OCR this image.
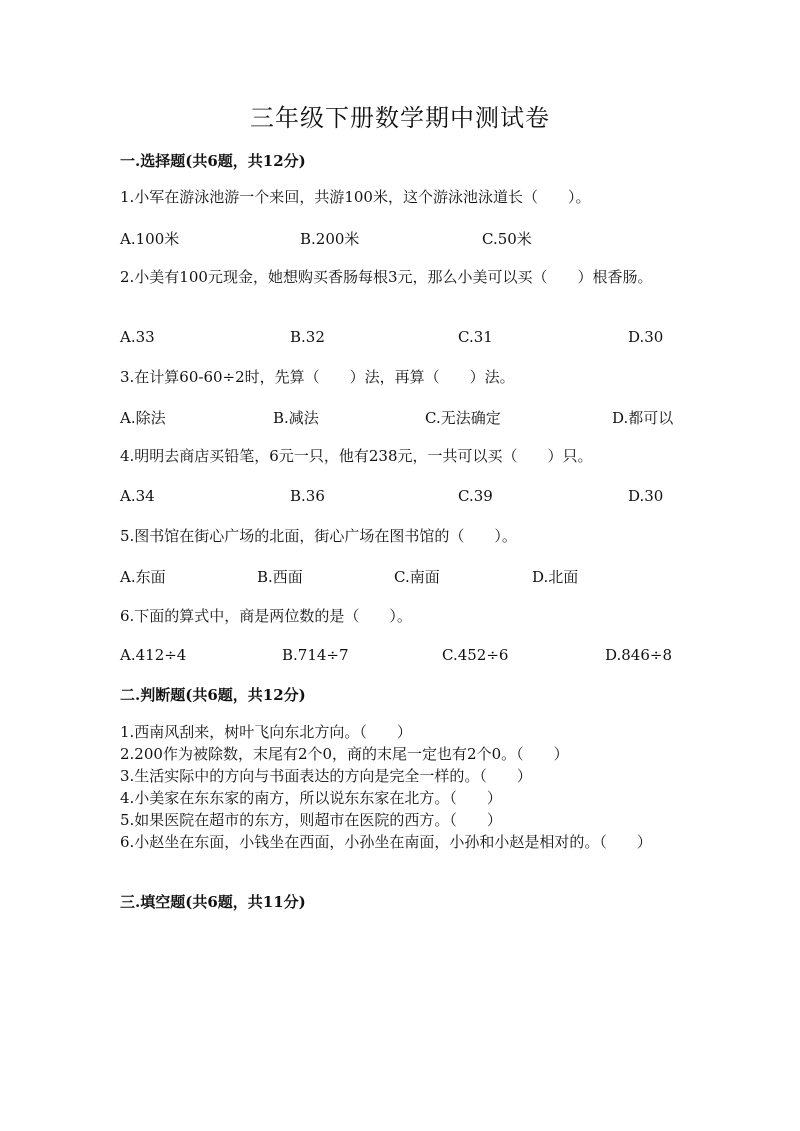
三年级下册数学期中测试卷
一.选择题(共6题，共12分)
1.小军在游泳池游一个来回，共游100米，这个游泳池泳道长（　　）。
A.100米	B.200米	C.50米
2.小美有100元现金，她想购买香肠每根3元，那么小美可以买（　　）根香肠。
A.33	B.32	C.31	D.30
3.在计算60-60÷2时，先算（　　）法，再算（　　）法。
A.除法	B.减法	C.无法确定	D.都可以
4.明明去商店买铅笔，6元一只，他有238元，一共可以买（　　）只。
A.34	B.36	C.39	D.30
5.图书馆在街心广场的北面，街心广场在图书馆的（　　）。
A.东面	B.西面	C.南面	D.北面
6.下面的算式中，商是两位数的是（　　）。
A.412÷4	B.714÷7	C.452÷6	D.846÷8
二.判断题(共6题，共12分)
1.西南风刮来，树叶飞向东北方向。（　　）
2.200作为被除数，末尾有2个0，商的末尾一定也有2个0。（　　）
3.生活实际中的方向与书面表达的方向是完全一样的。（　　）
4.小美家在东东家的南方，所以说东东家在北方。（　　）
5.如果医院在超市的东方，则超市在医院的西方。（　　）
6.小赵坐在东面，小钱坐在西面，小孙坐在南面，小孙和小赵是相对的。（　　）
三.填空题(共6题，共11分)
